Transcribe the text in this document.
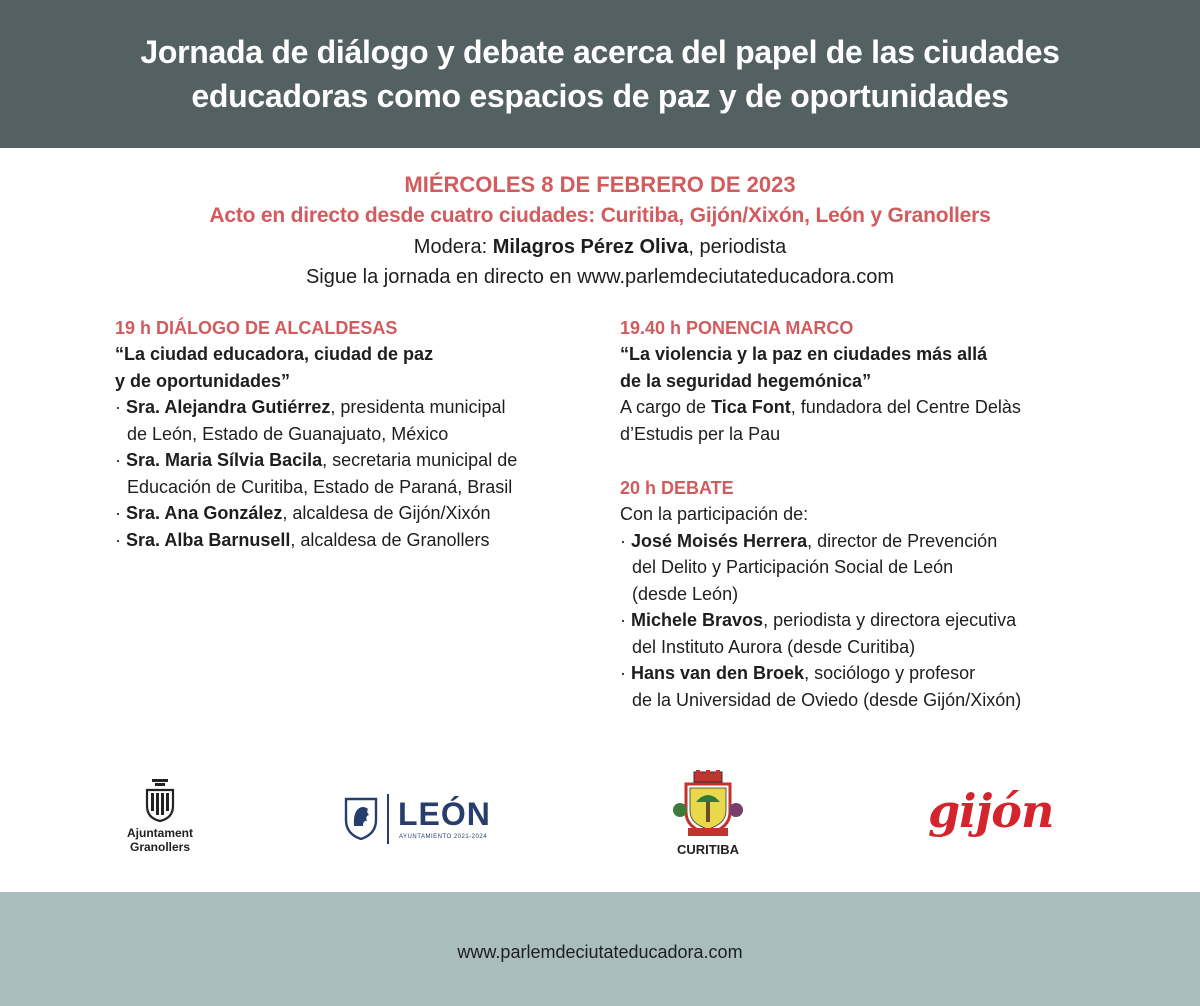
Jornada de diálogo y debate acerca del papel de las ciudades
educadoras como espacios de paz y de oportunidades
MIÉRCOLES 8 DE FEBRERO DE 2023
Acto en directo desde cuatro ciudades: Curitiba, Gijón/Xixón, León y Granollers
Modera: Milagros Pérez Oliva, periodista
Sigue la jornada en directo en www.parlemdeciutateducadora.com
19 h DIÁLOGO DE ALCALDESAS
“La ciudad educadora, ciudad de paz
y de oportunidades”
· Sra. Alejandra Gutiérrez, presidenta municipal
de León, Estado de Guanajuato, México
· Sra. Maria Sílvia Bacila, secretaria municipal de
Educación de Curitiba, Estado de Paraná, Brasil
· Sra. Ana González, alcaldesa de Gijón/Xixón
· Sra. Alba Barnusell, alcaldesa de Granollers
19.40 h PONENCIA MARCO
“La violencia y la paz en ciudades más allá
de la seguridad hegemónica”
A cargo de Tica Font, fundadora del Centre Delàs
d’Estudis per la Pau
20 h DEBATE
Con la participación de:
· José Moisés Herrera, director de Prevención
del Delito y Participación Social de León
(desde León)
· Michele Bravos, periodista y directora ejecutiva
del Instituto Aurora (desde Curitiba)
· Hans van den Broek, sociólogo y profesor
de la Universidad de Oviedo (desde Gijón/Xixón)
Ajuntament
Granollers
LEÓN
AYUNTAMIENTO 2021-2024
CURITIBA
gijón
www.parlemdeciutateducadora.com
